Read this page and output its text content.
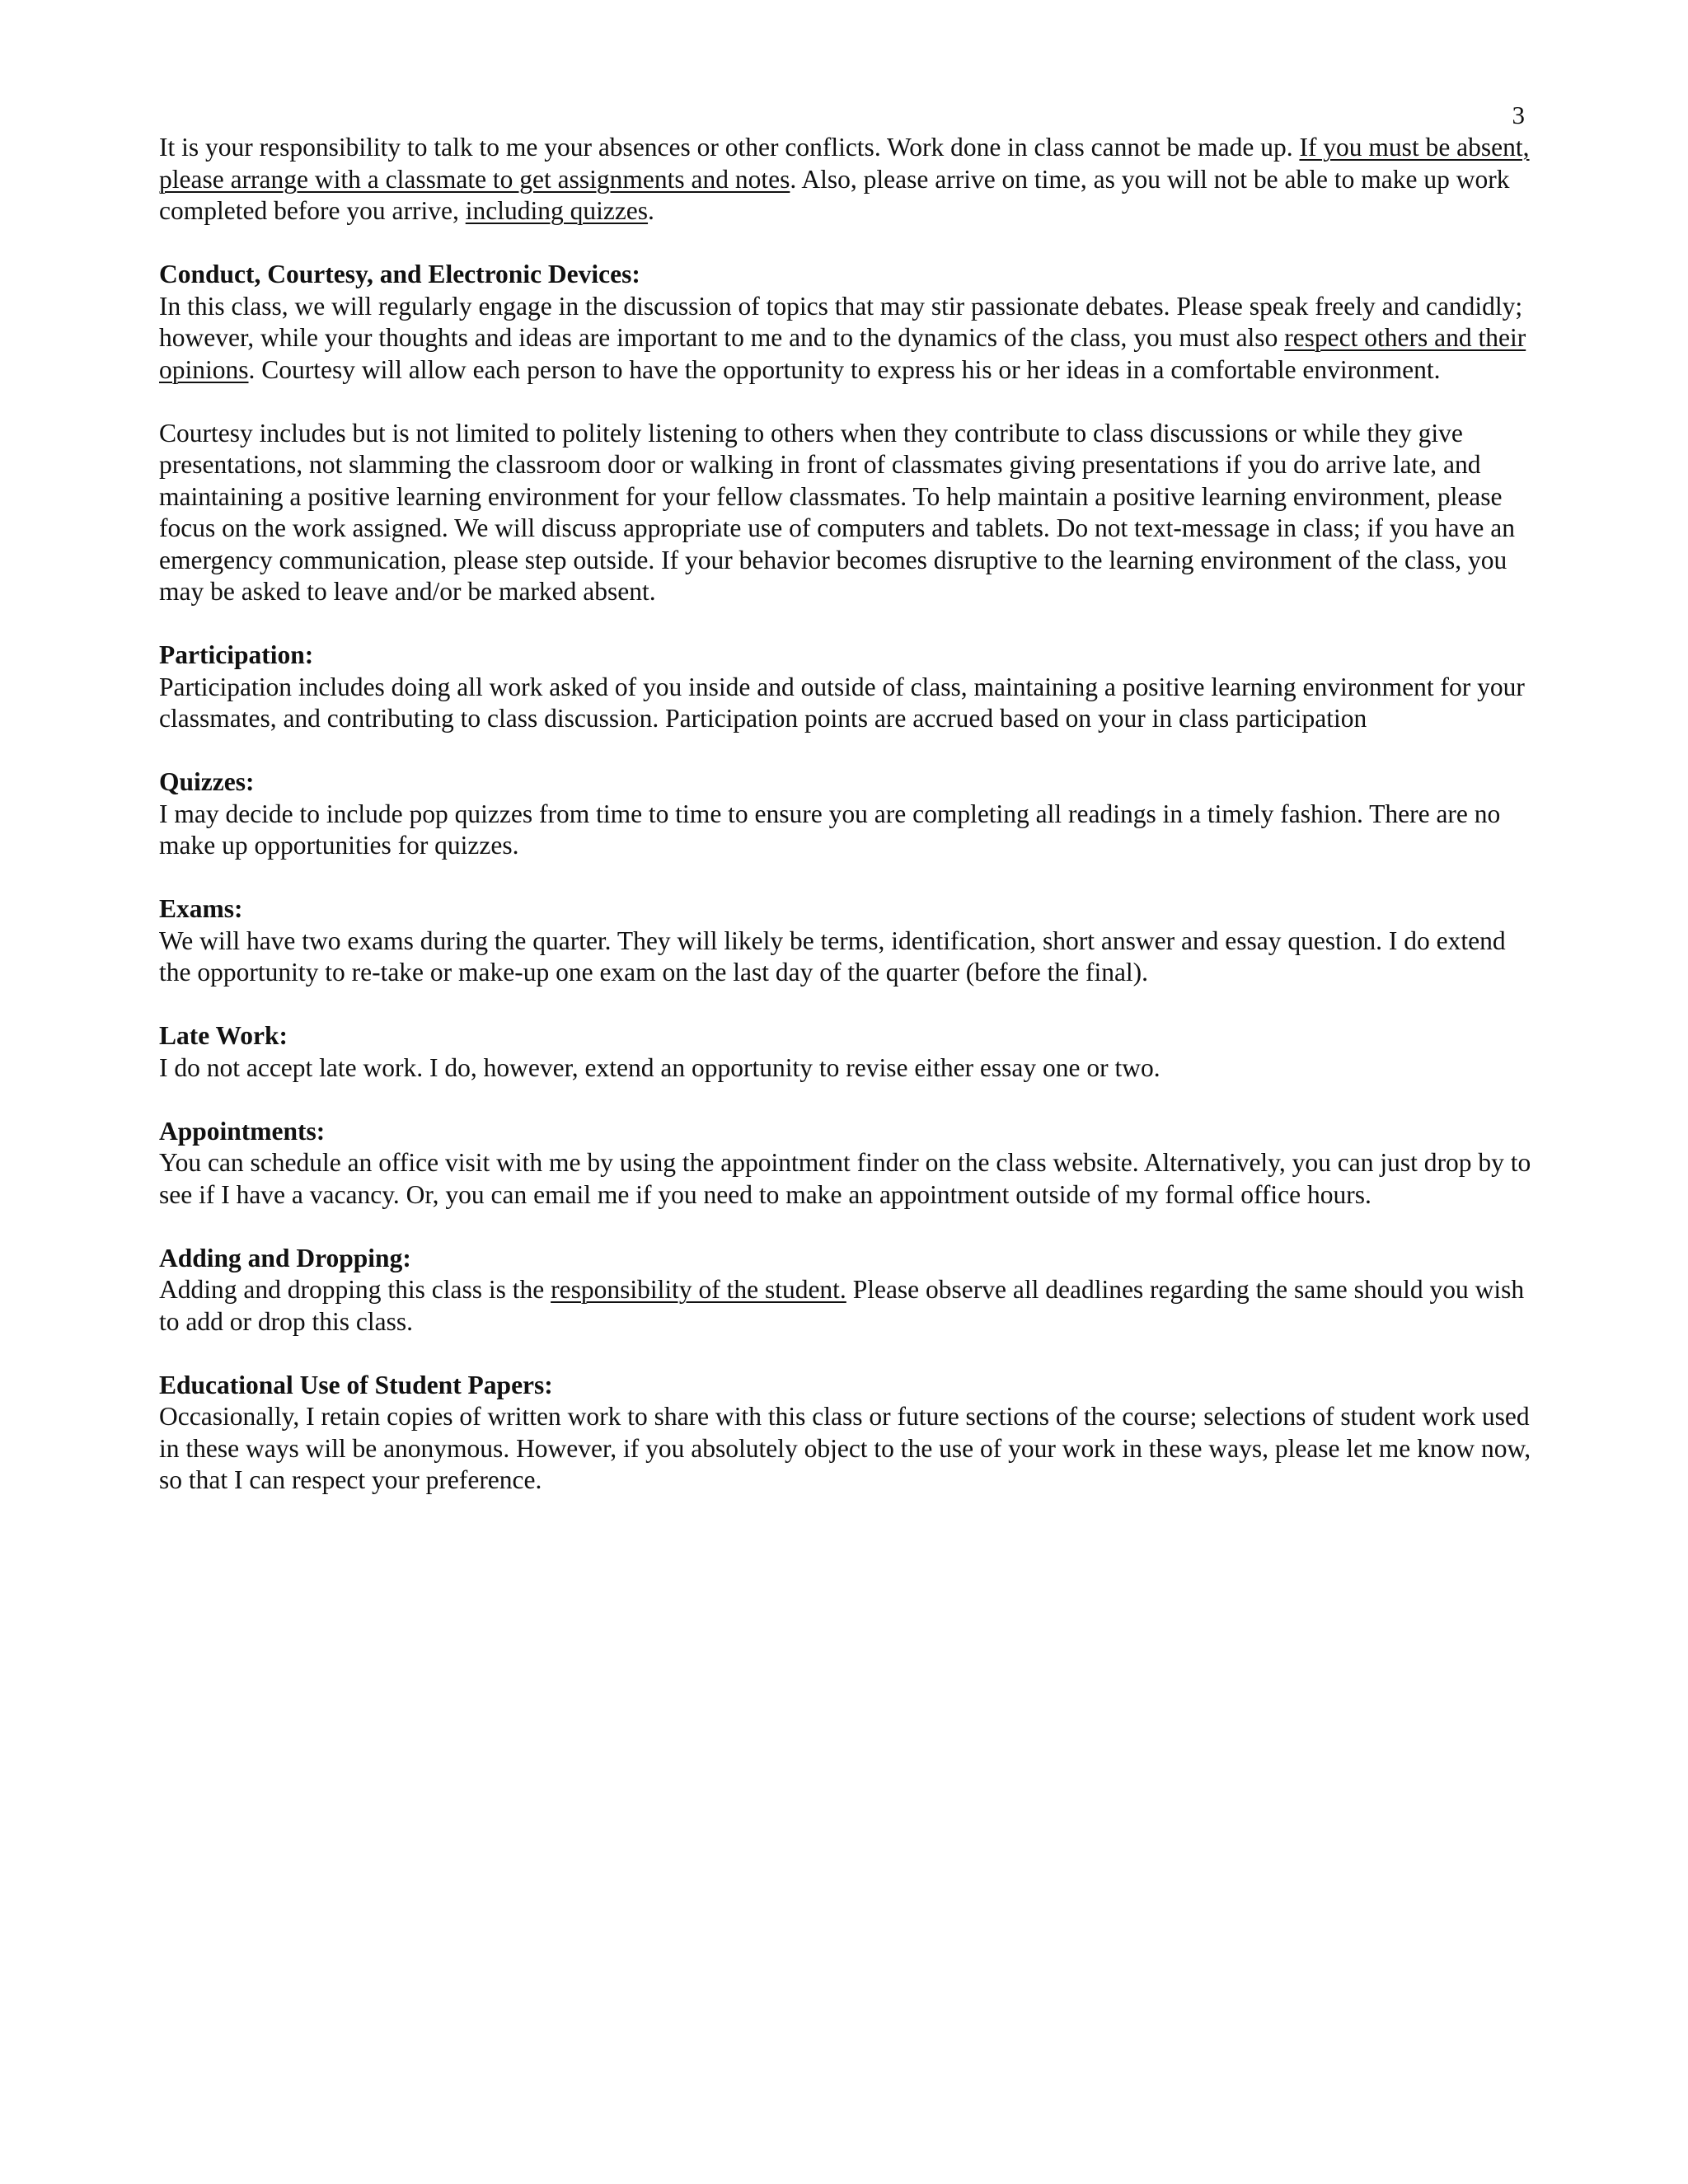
3

It is your responsibility to talk to me your absences or other conflicts. Work done in class cannot be made up. If you must be absent, please arrange with a classmate to get assignments and notes. Also, please arrive on time, as you will not be able to make up work completed before you arrive, including quizzes.

Conduct, Courtesy, and Electronic Devices:

In this class, we will regularly engage in the discussion of topics that may stir passionate debates. Please speak freely and candidly; however, while your thoughts and ideas are important to me and to the dynamics of the class, you must also respect others and their opinions. Courtesy will allow each person to have the opportunity to express his or her ideas in a comfortable environment.

Courtesy includes but is not limited to politely listening to others when they contribute to class discussions or while they give presentations, not slamming the classroom door or walking in front of classmates giving presentations if you do arrive late, and maintaining a positive learning environment for your fellow classmates. To help maintain a positive learning environment, please focus on the work assigned. We will discuss appropriate use of computers and tablets. Do not text-message in class; if you have an emergency communication, please step outside. If your behavior becomes disruptive to the learning environment of the class, you may be asked to leave and/or be marked absent.

Participation:

Participation includes doing all work asked of you inside and outside of class, maintaining a positive learning environment for your classmates, and contributing to class discussion. Participation points are accrued based on your in class participation

Quizzes:

I may decide to include pop quizzes from time to time to ensure you are completing all readings in a timely fashion. There are no make up opportunities for quizzes.

Exams:

We will have two exams during the quarter. They will likely be terms, identification, short answer and essay question. I do extend the opportunity to re-take or make-up one exam on the last day of the quarter (before the final).

Late Work:

I do not accept late work. I do, however, extend an opportunity to revise either essay one or two.

Appointments:

You can schedule an office visit with me by using the appointment finder on the class website. Alternatively, you can just drop by to see if I have a vacancy. Or, you can email me if you need to make an appointment outside of my formal office hours.

Adding and Dropping:

Adding and dropping this class is the responsibility of the student. Please observe all deadlines regarding the same should you wish to add or drop this class.

Educational Use of Student Papers:

Occasionally, I retain copies of written work to share with this class or future sections of the course; selections of student work used in these ways will be anonymous. However, if you absolutely object to the use of your work in these ways, please let me know now, so that I can respect your preference.
